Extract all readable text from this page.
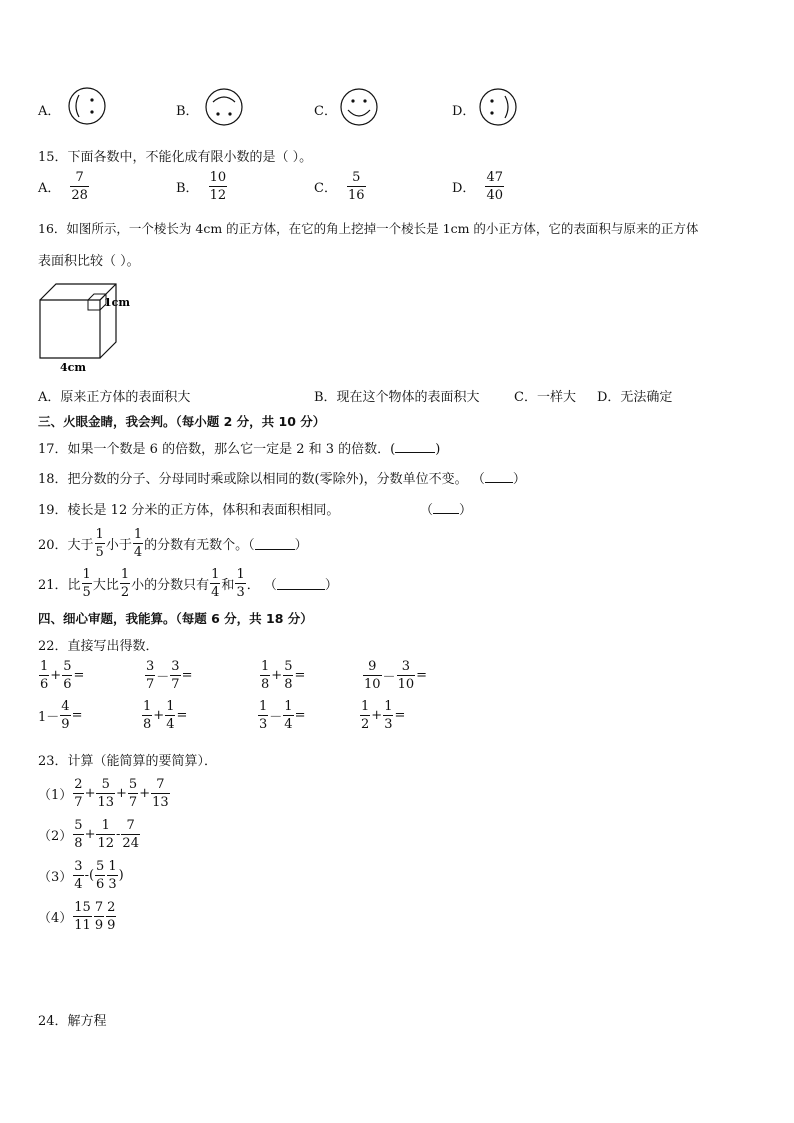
A．	B．	C．	D．
15．下面各数中，不能化成有限小数的是（ ）。
A． $\frac{7}{28}$	B． $\frac{10}{12}$	C． $\frac{5}{16}$	D． $\frac{47}{40}$
16．如图所示，一个棱长为 4cm 的正方体，在它的角上挖掉一个棱长是 1cm 的小正方体，它的表面积与原来的正方体
表面积比较（ ）。
1cm
4cm
A．原来正方体的表面积大	B．现在这个物体的表面积大	C．一样大 D．无法确定
三、火眼金睛，我会判。（每小题 2 分，共 10 分）
17．如果一个数是 6 的倍数，那么它一定是 2 和 3 的倍数．(	)
18．把分数的分子、分母同时乘或除以相同的数(零除外)，分数单位不变。 （ ）
19．棱长是 12 分米的正方体，体积和表面积相同。	（ ）
20．大于 $\frac{1}{5}$ 小于 $\frac{1}{4}$ 的分数有无数个。（	）
21．比 $\frac{1}{5}$ 大比 $\frac{1}{2}$ 小的分数只有 $\frac{1}{4}$ 和 $\frac{1}{3}$ ． （	）
四、细心审题，我能算。（每题 6 分，共 18 分）
22．直接写出得数．
$\frac{1}{6} + \frac{5}{6}$ =	$\frac{3}{7} - \frac{3}{7}$ =	$\frac{1}{8} + \frac{5}{8}$ =	$\frac{9}{10} - \frac{3}{10}$ =
$1- \frac{4}{9}$ =	$\frac{1}{8} + \frac{1}{4}$ =	$\frac{1}{3} - \frac{1}{4}$ =	$\frac{1}{2} + \frac{1}{3}$ =
23．计算（能简算的要简算）．
$(1) \frac{2}{7} + \frac{5}{13} + \frac{5}{7} + \frac{7}{13}$
$(2) \frac{5}{8} + \frac{1}{12} - \frac{7}{24}$
$(3) \frac{3}{4}$ -( $\frac{5}{6} \frac{1}{3}$ )
$(4) \frac{15}{11} \frac{7}{9} \frac{2}{9}$
24．解方程
